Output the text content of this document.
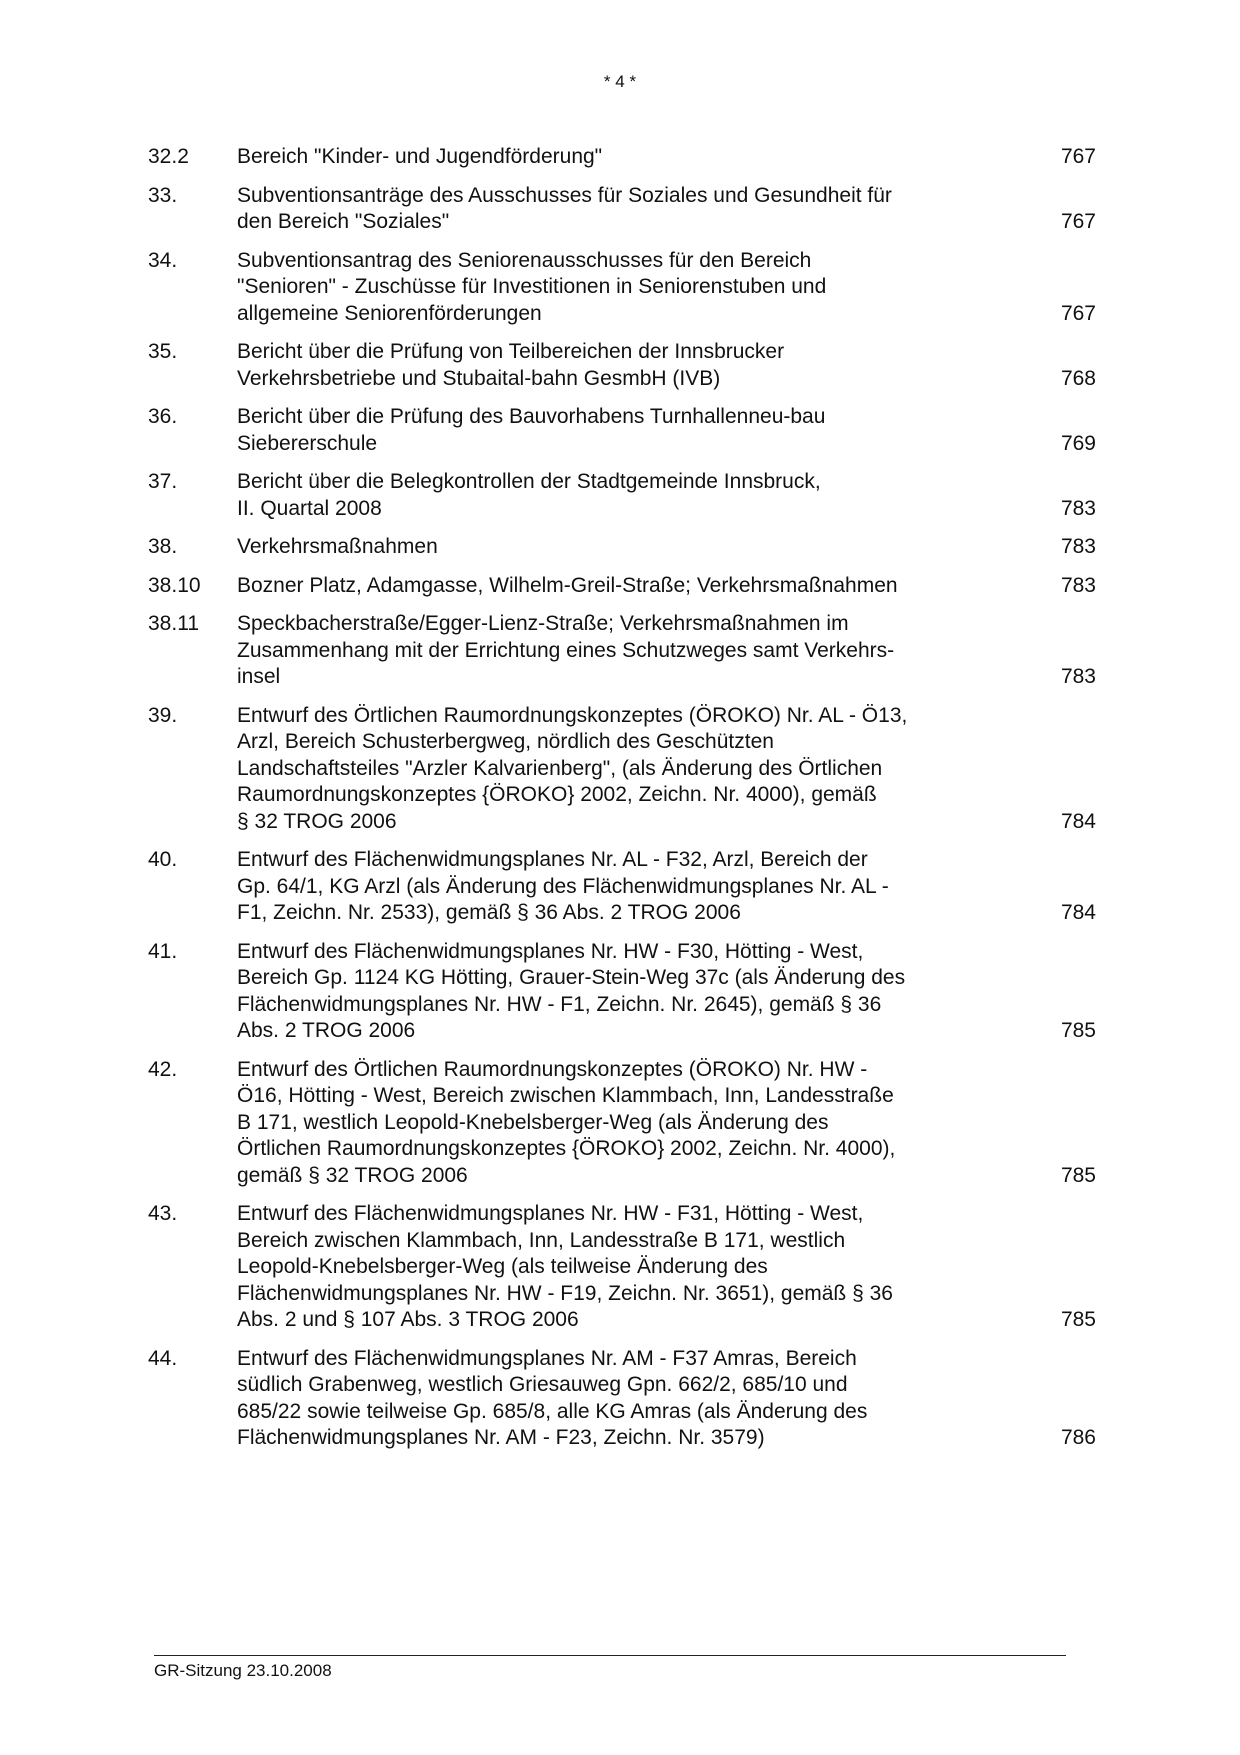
* 4 *
32.2	Bereich "Kinder- und Jugendförderung"	767
33.	Subventionsanträge des Ausschusses für Soziales und Gesundheit für
den Bereich "Soziales"	767
34.	Subventionsantrag des Seniorenausschusses für den Bereich
"Senioren" - Zuschüsse für Investitionen in Seniorenstuben und
allgemeine Seniorenförderungen	767
35.	Bericht über die Prüfung von Teilbereichen der Innsbrucker
Verkehrsbetriebe und Stubaital-bahn GesmbH (IVB)	768
36.	Bericht über die Prüfung des Bauvorhabens Turnhallenneu-bau
Siebererschule	769
37.	Bericht über die Belegkontrollen der Stadtgemeinde Innsbruck,
II. Quartal 2008	783
38.	Verkehrsmaßnahmen	783
38.10	Bozner Platz, Adamgasse, Wilhelm-Greil-Straße; Verkehrsmaßnahmen	783
38.11	Speckbacherstraße/Egger-Lienz-Straße; Verkehrsmaßnahmen im
Zusammenhang mit der Errichtung eines Schutzweges samt Verkehrs-
insel	783
39.	Entwurf des Örtlichen Raumordnungskonzeptes (ÖROKO) Nr. AL - Ö13,
Arzl, Bereich Schusterbergweg, nördlich des Geschützten
Landschaftsteiles "Arzler Kalvarienberg", (als Änderung des Örtlichen
Raumordnungskonzeptes {ÖROKO} 2002, Zeichn. Nr. 4000), gemäß
§ 32 TROG 2006	784
40.	Entwurf des Flächenwidmungsplanes Nr. AL - F32, Arzl, Bereich der
Gp. 64/1, KG Arzl (als Änderung des Flächenwidmungsplanes Nr. AL -
F1, Zeichn. Nr. 2533), gemäß § 36 Abs. 2 TROG 2006	784
41.	Entwurf des Flächenwidmungsplanes Nr. HW - F30, Hötting - West,
Bereich Gp. 1124 KG Hötting, Grauer-Stein-Weg 37c (als Änderung des
Flächenwidmungsplanes Nr. HW - F1, Zeichn. Nr. 2645), gemäß § 36
Abs. 2 TROG 2006	785
42.	Entwurf des Örtlichen Raumordnungskonzeptes (ÖROKO) Nr. HW -
Ö16, Hötting - West, Bereich zwischen Klammbach, Inn, Landesstraße
B 171, westlich Leopold-Knebelsberger-Weg (als Änderung des
Örtlichen Raumordnungskonzeptes {ÖROKO} 2002, Zeichn. Nr. 4000),
gemäß § 32 TROG 2006	785
43.	Entwurf des Flächenwidmungsplanes Nr. HW - F31, Hötting - West,
Bereich zwischen Klammbach, Inn, Landesstraße B 171, westlich
Leopold-Knebelsberger-Weg (als teilweise Änderung des
Flächenwidmungsplanes Nr. HW - F19, Zeichn. Nr. 3651), gemäß § 36
Abs. 2 und § 107 Abs. 3 TROG 2006	785
44.	Entwurf des Flächenwidmungsplanes Nr. AM - F37 Amras, Bereich
südlich Grabenweg, westlich Griesauweg Gpn. 662/2, 685/10 und
685/22 sowie teilweise Gp. 685/8, alle KG Amras (als Änderung des
Flächenwidmungsplanes Nr. AM - F23, Zeichn. Nr. 3579)	786
GR-Sitzung 23.10.2008
